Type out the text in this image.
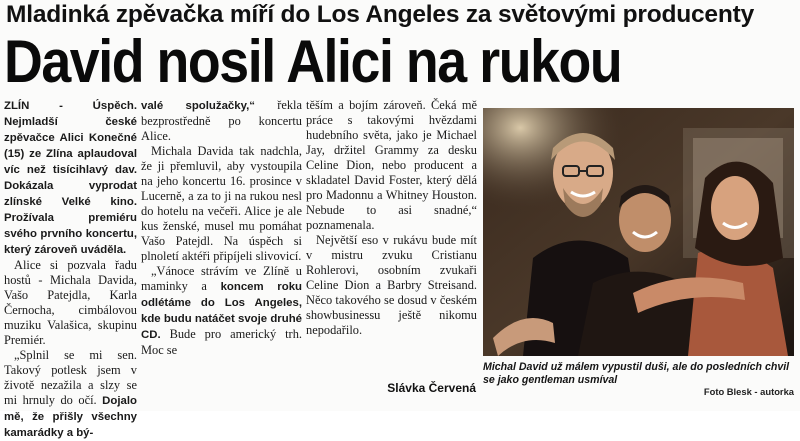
Mladinká zpěvačka míří do Los Angeles za světovými producenty
David nosil Alici na rukou

ZLÍN - Úspěch. Nejmladší české zpěvačce Alici Konečné (15) ze Zlína aplaudoval víc než tisícihlavý dav. Dokázala vyprodat zlínské Velké kino. Prožívala premiéru svého prvního koncertu, který zároveň uváděla.

Alice si pozvala řadu hostů - Michala Davida, Vašo Patejdla, Karla Černocha, cimbálovou muziku Valašica, skupinu Premiér.

„Splnil se mi sen. Takový potlesk jsem v životě nezažila a slzy se mi hrnuly do očí. Dojalo mě, že přišly všechny kamarádky a bý-

valé spolužačky,“ řekla bezprostředně po koncertu Alice.

Michala Davida tak nadchla, že ji přemluvil, aby vystoupila na jeho koncertu 16. prosince v Lucerně, a za to ji na rukou nesl do hotelu na večeři. Alice je ale kus ženské, musel mu pomáhat Vašo Patejdl. Na úspěch si plnoletí aktéři připíjeli slivovicí.

„Vánoce strávím ve Zlíně u maminky a koncem roku odlétáme do Los Angeles, kde budu natáčet svoje druhé CD. Bude pro americký trh. Moc se

těším a bojím zároveň. Čeká mě práce s takovými hvězdami hudebního světa, jako je Michael Jay, držitel Grammy za desku Celine Dion, nebo producent a skladatel David Foster, který dělá pro Madonnu a Whitney Houston. Nebude to asi snadné,“ poznamenala.

Největší eso v rukávu bude mít v mistru zvuku Cristianu Rohlerovi, osobním zvukaři Celine Dion a Barbry Streisand. Něco takového se dosud v českém showbusinessu ještě nikomu nepodařilo.

Slávka Červená
Michal David už málem vypustil duši, ale do posledních chvil se jako gentleman usmíval
Foto Blesk - autorka
